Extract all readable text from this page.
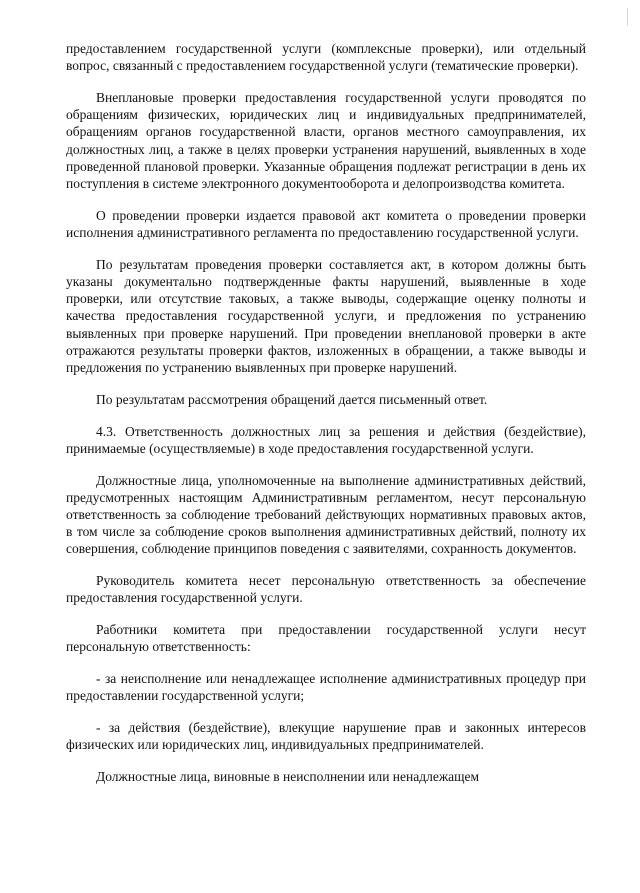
предоставлением государственной услуги (комплексные проверки), или отдельный вопрос, связанный с предоставлением государственной услуги (тематические проверки).

Внеплановые проверки предоставления государственной услуги проводятся по обращениям физических, юридических лиц и индивидуальных предпринимателей, обращениям органов государственной власти, органов местного самоуправления, их должностных лиц, а также в целях проверки устранения нарушений, выявленных в ходе проведенной плановой проверки. Указанные обращения подлежат регистрации в день их поступления в системе электронного документооборота и делопроизводства комитета.

О проведении проверки издается правовой акт комитета о проведении проверки исполнения административного регламента по предоставлению государственной услуги.

По результатам проведения проверки составляется акт, в котором должны быть указаны документально подтвержденные факты нарушений, выявленные в ходе проверки, или отсутствие таковых, а также выводы, содержащие оценку полноты и качества предоставления государственной услуги, и предложения по устранению выявленных при проверке нарушений. При проведении внеплановой проверки в акте отражаются результаты проверки фактов, изложенных в обращении, а также выводы и предложения по устранению выявленных при проверке нарушений.

По результатам рассмотрения обращений дается письменный ответ.

4.3. Ответственность должностных лиц за решения и действия (бездействие), принимаемые (осуществляемые) в ходе предоставления государственной услуги.

Должностные лица, уполномоченные на выполнение административных действий, предусмотренных настоящим Административным регламентом, несут персональную ответственность за соблюдение требований действующих нормативных правовых актов, в том числе за соблюдение сроков выполнения административных действий, полноту их совершения, соблюдение принципов поведения с заявителями, сохранность документов.

Руководитель комитета несет персональную ответственность за обеспечение предоставления государственной услуги.

Работники комитета при предоставлении государственной услуги несут персональную ответственность:

- за неисполнение или ненадлежащее исполнение административных процедур при предоставлении государственной услуги;

- за действия (бездействие), влекущие нарушение прав и законных интересов физических или юридических лиц, индивидуальных предпринимателей.

Должностные лица, виновные в неисполнении или ненадлежащем
